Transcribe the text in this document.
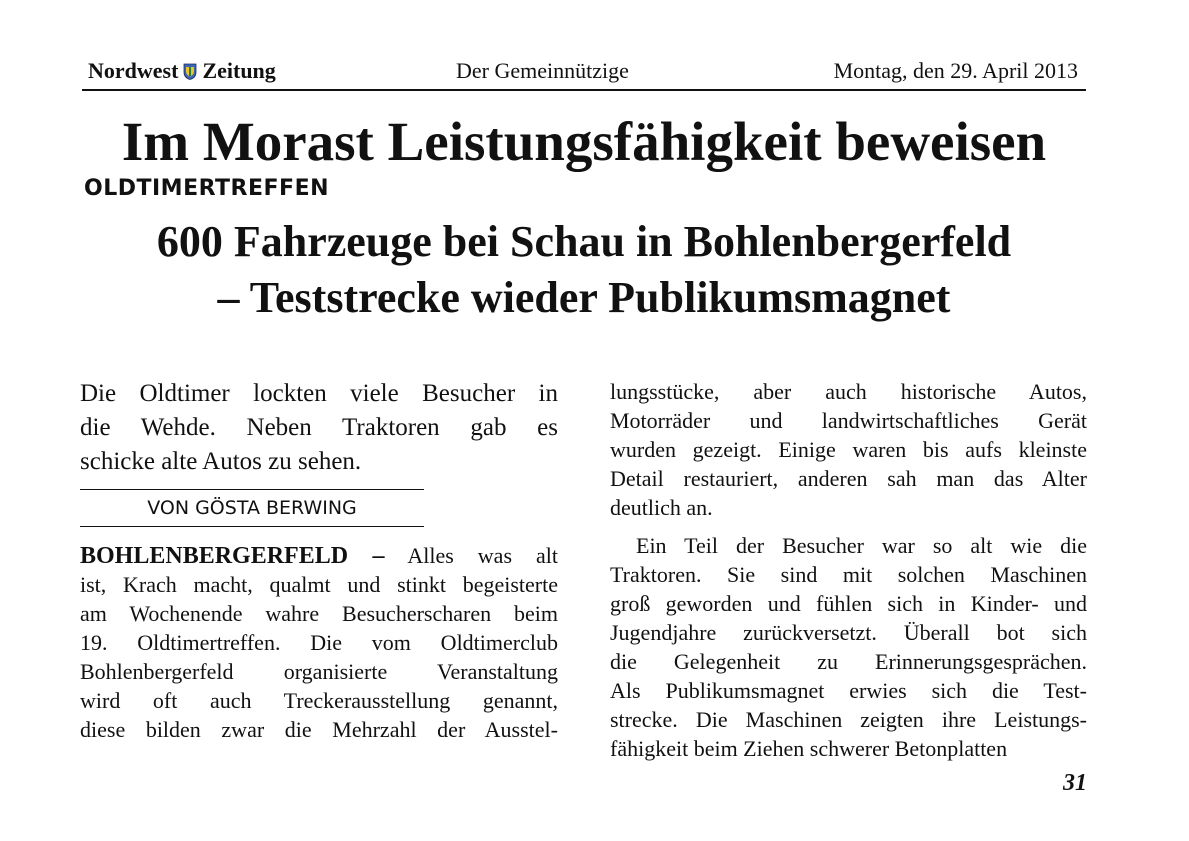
Nordwest Zeitung	Der Gemeinnützige	Montag, den 29. April 2013
Im Morast Leistungsfähigkeit beweisen
OLDTIMERTREFFEN
600 Fahrzeuge bei Schau in Bohlenbergerfeld
– Teststrecke wieder Publikumsmagnet
Die Oldtimer lockten viele Besucher in
die Wehde. Neben Traktoren gab es
schicke alte Autos zu sehen.
VON GÖSTA BERWING
BOHLENBERGERFELD – Alles was alt
ist, Krach macht, qualmt und stinkt begeisterte
am Wochenende wahre Besucherscharen beim
19. Oldtimertreffen. Die vom Oldtimerclub
Bohlenbergerfeld organisierte Veranstaltung
wird oft auch Treckerausstellung genannt,
diese bilden zwar die Mehrzahl der Ausstel-
lungsstücke, aber auch historische Autos,
Motorräder und landwirtschaftliches Gerät
wurden gezeigt. Einige waren bis aufs kleinste
Detail restauriert, anderen sah man das Alter
deutlich an.
Ein Teil der Besucher war so alt wie die
Traktoren. Sie sind mit solchen Maschinen
groß geworden und fühlen sich in Kinder- und
Jugendjahre zurückversetzt. Überall bot sich
die Gelegenheit zu Erinnerungsgesprächen.
Als Publikumsmagnet erwies sich die Test-
strecke. Die Maschinen zeigten ihre Leistungs-
fähigkeit beim Ziehen schwerer Betonplatten
31
